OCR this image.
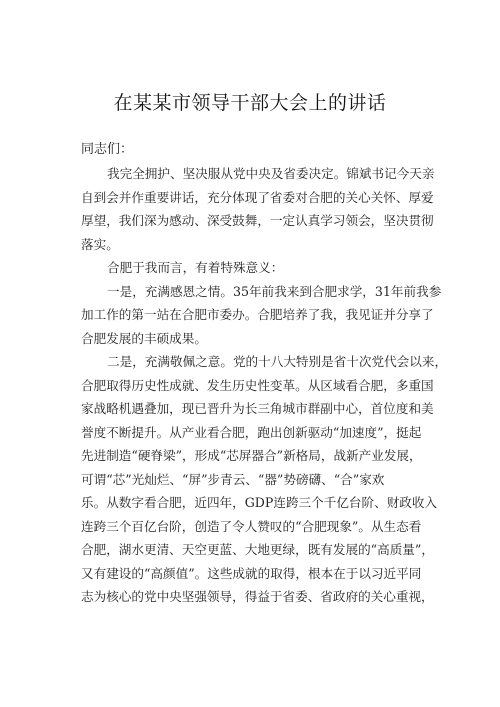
在某某市领导干部大会上的讲话
同志们：
我完全拥护、坚决服从党中央及省委决定。锦斌书记今天亲
自到会并作重要讲话，充分体现了省委对合肥的关心关怀、厚爱
厚望，我们深为感动、深受鼓舞，一定认真学习领会，坚决贯彻
落实。
合肥于我而言，有着特殊意义：
一是，充满感恩之情。35年前我来到合肥求学，31年前我参
加工作的第一站在合肥市委办。合肥培养了我，我见证并分享了
合肥发展的丰硕成果。
二是，充满敬佩之意。党的十八大特别是省十次党代会以来，
合肥取得历史性成就、发生历史性变革。从区域看合肥，多重国
家战略机遇叠加，现已晋升为长三角城市群副中心，首位度和美
誉度不断提升。从产业看合肥，跑出创新驱动“加速度”，挺起
先进制造“硬脊梁”，形成“芯屏器合”新格局，战新产业发展，
可谓“芯”光灿烂、“屏”步青云、“器”势磅礴、“合”家欢
乐。从数字看合肥，近四年，GDP连跨三个千亿台阶、财政收入
连跨三个百亿台阶，创造了令人赞叹的“合肥现象”。从生态看
合肥，湖水更清、天空更蓝、大地更绿，既有发展的“高质量”，
又有建设的“高颜值”。这些成就的取得，根本在于以习近平同
志为核心的党中央坚强领导，得益于省委、省政府的关心重视，
